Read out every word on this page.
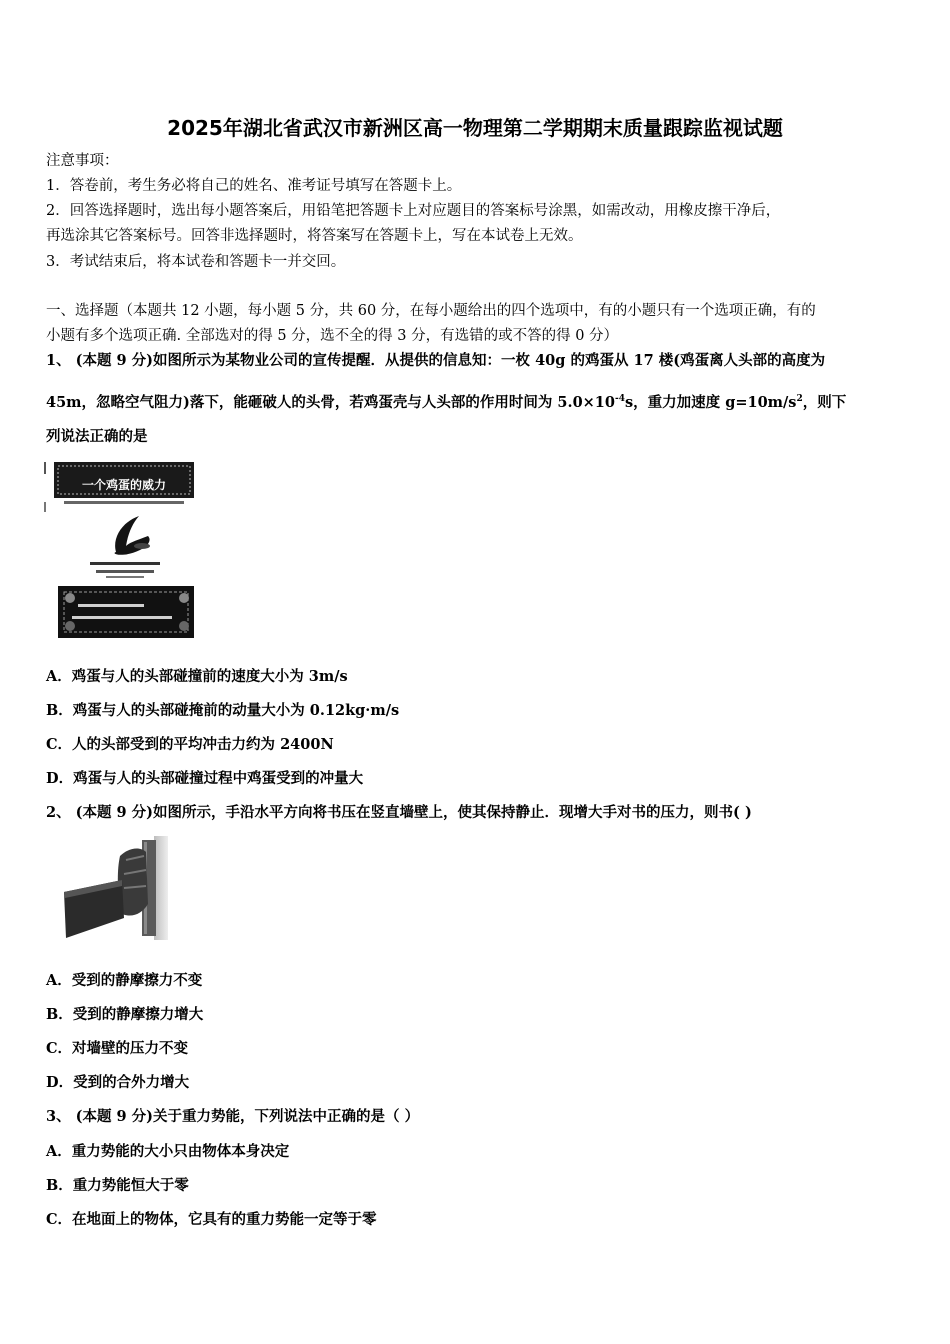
2025年湖北省武汉市新洲区高一物理第二学期期末质量跟踪监视试题
注意事项：
1．答卷前，考生务必将自己的姓名、准考证号填写在答题卡上。
2．回答选择题时，选出每小题答案后，用铅笔把答题卡上对应题目的答案标号涂黑，如需改动，用橡皮擦干净后，
再选涂其它答案标号。回答非选择题时，将答案写在答题卡上，写在本试卷上无效。
3．考试结束后，将本试卷和答题卡一并交回。
一、选择题（本题共 12 小题，每小题 5 分，共 60 分，在每小题给出的四个选项中，有的小题只有一个选项正确，有的
小题有多个选项正确. 全部选对的得 5 分，选不全的得 3 分，有选错的或不答的得 0 分）
1、 (本题 9 分)如图所示为某物业公司的宣传提醒．从提供的信息知：一枚 40g 的鸡蛋从 17 楼(鸡蛋离人头部的高度为
45m，忽略空气阻力)落下，能砸破人的头骨，若鸡蛋壳与人头部的作用时间为 $5.0\times 10^{-4}s$，重力加速度 $g=10m/s^2$，则下
列说法正确的是
一个鸡蛋的威力
A．鸡蛋与人的头部碰撞前的速度大小为 3m/s
B．鸡蛋与人的头部碰掩前的动量大小为 0.12kg·m/s
C．人的头部受到的平均冲击力约为 2400N
D．鸡蛋与人的头部碰撞过程中鸡蛋受到的冲量大
2、 (本题 9 分)如图所示，手沿水平方向将书压在竖直墙壁上，使其保持静止．现增大手对书的压力，则书( )
A．受到的静摩擦力不变
B．受到的静摩擦力增大
C．对墙壁的压力不变
D．受到的合外力增大
3、 (本题 9 分)关于重力势能，下列说法中正确的是（ ）
A．重力势能的大小只由物体本身决定
B．重力势能恒大于零
C．在地面上的物体，它具有的重力势能一定等于零
